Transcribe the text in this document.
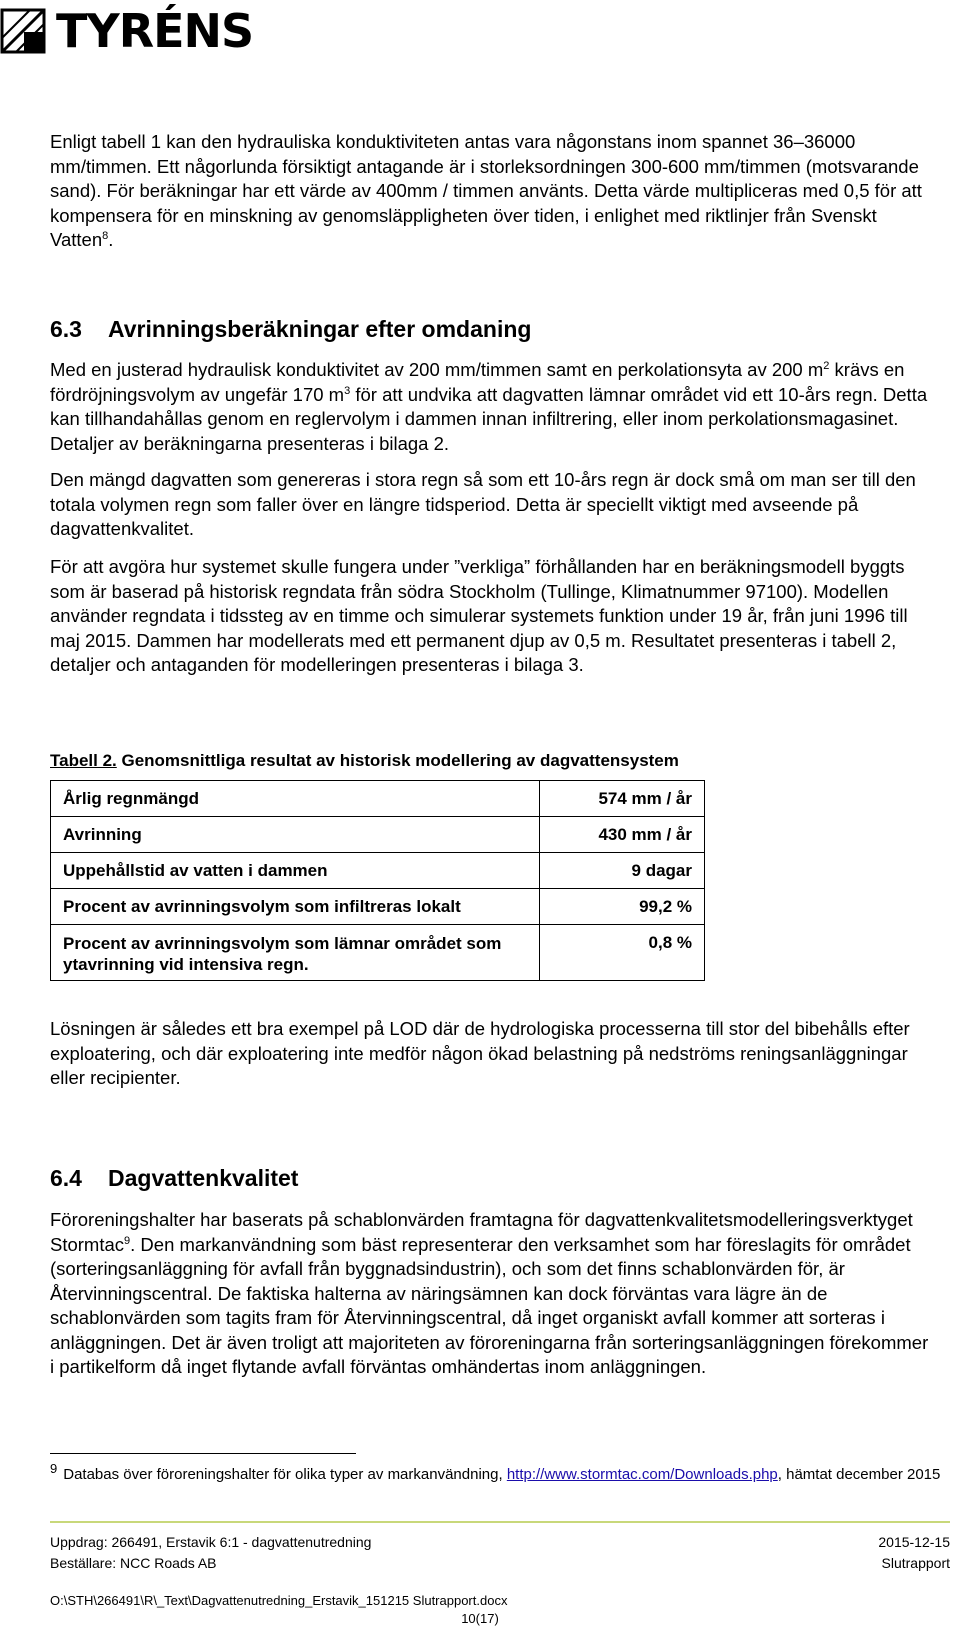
TYRÉNS

Enligt tabell 1 kan den hydrauliska konduktiviteten antas vara någonstans inom spannet 36–36000 mm/timmen. Ett någorlunda försiktigt antagande är i storleksordningen 300-600 mm/timmen (motsvarande sand). För beräkningar har ett värde av 400mm / timmen använts. Detta värde multipliceras med 0,5 för att kompensera för en minskning av genomsläppligheten över tiden, i enlighet med riktlinjer från Svenskt Vatten$^8$.

6.3 Avrinningsberäkningar efter omdaning

Med en justerad hydraulisk konduktivitet av 200 mm/timmen samt en perkolationsyta av 200 $m^2$ krävs en fördröjningsvolym av ungefär 170 $m^3$ för att undvika att dagvatten lämnar området vid ett 10-års regn. Detta kan tillhandahållas genom en reglervolym i dammen innan infiltrering, eller inom perkolationsmagasinet. Detaljer av beräkningarna presenteras i bilaga 2.

Den mängd dagvatten som genereras i stora regn så som ett 10-års regn är dock små om man ser till den totala volymen regn som faller över en längre tidsperiod. Detta är speciellt viktigt med avseende på dagvattenkvalitet.

För att avgöra hur systemet skulle fungera under ”verkliga” förhållanden har en beräkningsmodell byggts som är baserad på historisk regndata från södra Stockholm (Tullinge, Klimatnummer 97100). Modellen använder regndata i tidssteg av en timme och simulerar systemets funktion under 19 år, från juni 1996 till maj 2015. Dammen har modellerats med ett permanent djup av 0,5 m. Resultatet presenteras i tabell 2, detaljer och antaganden för modelleringen presenteras i bilaga 3.

Tabell 2. Genomsnittliga resultat av historisk modellering av dagvattensystem
Årlig regnmängd	574 mm / år
Avrinning	430 mm / år
Uppehållstid av vatten i dammen	9 dagar
Procent av avrinningsvolym som infiltreras lokalt	99,2 %
Procent av avrinningsvolym som lämnar området som ytavrinning vid intensiva regn.	0,8 %

Lösningen är således ett bra exempel på LOD där de hydrologiska processerna till stor del bibehålls efter exploatering, och där exploatering inte medför någon ökad belastning på nedströms reningsanläggningar eller recipienter.

6.4 Dagvattenkvalitet

Föroreningshalter har baserats på schablonvärden framtagna för dagvattenkvalitetsmodelleringsverktyget Stormtac$^9$. Den markanvändning som bäst representerar den verksamhet som har föreslagits för området (sorteringsanläggning för avfall från byggnadsindustrin), och som det finns schablonvärden för, är Återvinningscentral. De faktiska halterna av näringsämnen kan dock förväntas vara lägre än de schablonvärden som tagits fram för Återvinningscentral, då inget organiskt avfall kommer att sorteras i anläggningen. Det är även troligt att majoriteten av föroreningarna från sorteringsanläggningen förekommer i partikelform då inget flytande avfall förväntas omhändertas inom anläggningen.

9 Databas över föroreningshalter för olika typer av markanvändning, http://www.stormtac.com/Downloads.php, hämtat december 2015
Uppdrag: 266491, Erstavik 6:1 - dagvattenutredning
Beställare: NCC Roads AB
2015-12-15
Slutrapport
O:\STH\266491\R\_Text\Dagvattenutredning_Erstavik_151215 Slutrapport.docx
10(17)
